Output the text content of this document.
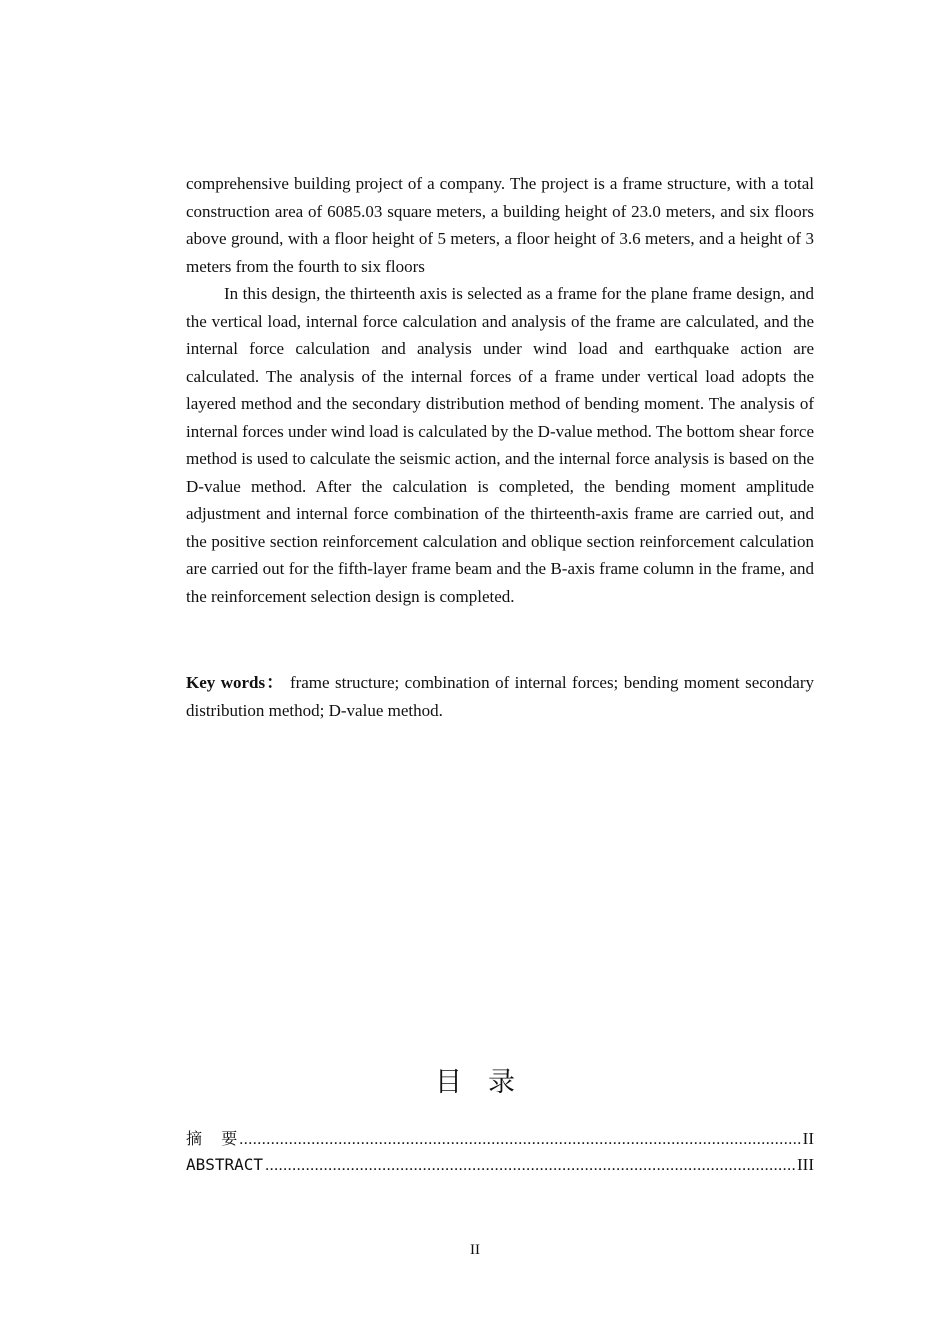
comprehensive building project of a company. The project is a frame structure, with a total construction area of 6085.03 square meters, a building height of 23.0 meters, and six floors above ground, with a floor height of 5 meters, a floor height of 3.6 meters, and a height of 3 meters from the fourth to six floors

In this design, the thirteenth axis is selected as a frame for the plane frame design, and the vertical load, internal force calculation and analysis of the frame are calculated, and the internal force calculation and analysis under wind load and earthquake action are calculated. The analysis of the internal forces of a frame under vertical load adopts the layered method and the secondary distribution method of bending moment. The analysis of internal forces under wind load is calculated by the D-value method. The bottom shear force method is used to calculate the seismic action, and the internal force analysis is based on the D-value method. After the calculation is completed, the bending moment amplitude adjustment and internal force combination of the thirteenth-axis frame are carried out, and the positive section reinforcement calculation and oblique section reinforcement calculation are carried out for the fifth-layer frame beam and the B-axis frame column in the frame, and the reinforcement selection design is completed.

Key words： frame structure; combination of internal forces; bending moment secondary distribution method; D-value method.

目录
摘  要 .....	II
ABSTRACT .....	III
II
